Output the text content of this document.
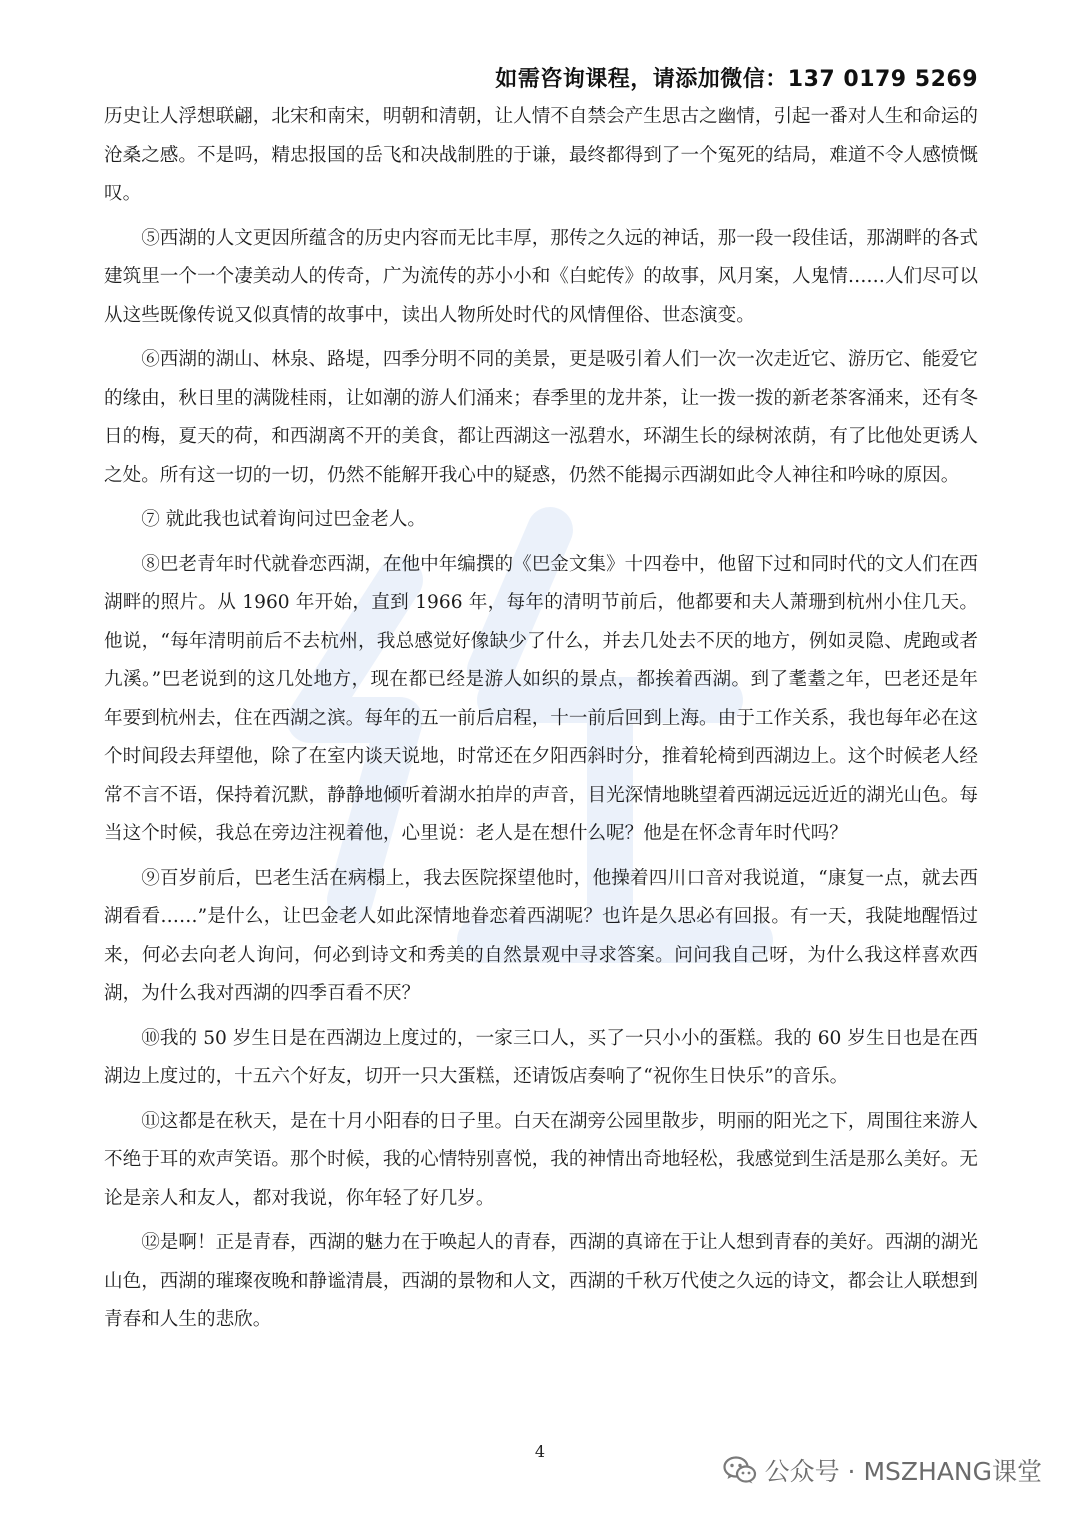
如需咨询课程，请添加微信：137 0179 5269

历史让人浮想联翩，北宋和南宋，明朝和清朝，让人情不自禁会产生思古之幽情，引起一番对人生和命运的沧桑之感。不是吗，精忠报国的岳飞和决战制胜的于谦，最终都得到了一个冤死的结局，难道不令人感愤慨叹。

⑤西湖的人文更因所蕴含的历史内容而无比丰厚，那传之久远的神话，那一段一段佳话，那湖畔的各式建筑里一个一个凄美动人的传奇，广为流传的苏小小和《白蛇传》的故事，风月案，人鬼情……人们尽可以从这些既像传说又似真情的故事中，读出人物所处时代的风情俚俗、世态演变。

⑥西湖的湖山、林泉、路堤，四季分明不同的美景，更是吸引着人们一次一次走近它、游历它、能爱它的缘由，秋日里的满陇桂雨，让如潮的游人们涌来；春季里的龙井茶，让一拨一拨的新老茶客涌来，还有冬日的梅，夏天的荷，和西湖离不开的美食，都让西湖这一泓碧水，环湖生长的绿树浓荫，有了比他处更诱人之处。所有这一切的一切，仍然不能解开我心中的疑惑，仍然不能揭示西湖如此令人神往和吟咏的原因。

⑦ 就此我也试着询问过巴金老人。

⑧巴老青年时代就眷恋西湖，在他中年编撰的《巴金文集》十四卷中，他留下过和同时代的文人们在西湖畔的照片。从 1960 年开始，直到 1966 年，每年的清明节前后，他都要和夫人萧珊到杭州小住几天。他说，“每年清明前后不去杭州，我总感觉好像缺少了什么，并去几处去不厌的地方，例如灵隐、虎跑或者九溪。”巴老说到的这几处地方，现在都已经是游人如织的景点，都挨着西湖。到了耄耋之年，巴老还是年年要到杭州去，住在西湖之滨。每年的五一前后启程，十一前后回到上海。由于工作关系，我也每年必在这个时间段去拜望他，除了在室内谈天说地，时常还在夕阳西斜时分，推着轮椅到西湖边上。这个时候老人经常不言不语，保持着沉默，静静地倾听着湖水拍岸的声音，目光深情地眺望着西湖远远近近的湖光山色。每当这个时候，我总在旁边注视着他，心里说：老人是在想什么呢？他是在怀念青年时代吗？

⑨百岁前后，巴老生活在病榻上，我去医院探望他时，他操着四川口音对我说道，“康复一点，就去西湖看看……”是什么，让巴金老人如此深情地眷恋着西湖呢？也许是久思必有回报。有一天，我陡地醒悟过来，何必去向老人询问，何必到诗文和秀美的自然景观中寻求答案。问问我自己呀，为什么我这样喜欢西湖，为什么我对西湖的四季百看不厌？

⑩我的 50 岁生日是在西湖边上度过的，一家三口人，买了一只小小的蛋糕。我的 60 岁生日也是在西湖边上度过的，十五六个好友，切开一只大蛋糕，还请饭店奏响了“祝你生日快乐”的音乐。

⑪这都是在秋天，是在十月小阳春的日子里。白天在湖旁公园里散步，明丽的阳光之下，周围往来游人不绝于耳的欢声笑语。那个时候，我的心情特别喜悦，我的神情出奇地轻松，我感觉到生活是那么美好。无论是亲人和友人，都对我说，你年轻了好几岁。

⑫是啊！正是青春，西湖的魅力在于唤起人的青春，西湖的真谛在于让人想到青春的美好。西湖的湖光山色，西湖的璀璨夜晚和静谧清晨，西湖的景物和人文，西湖的千秋万代使之久远的诗文，都会让人联想到青春和人生的悲欣。

4
公众号 · MSZHANG课堂
